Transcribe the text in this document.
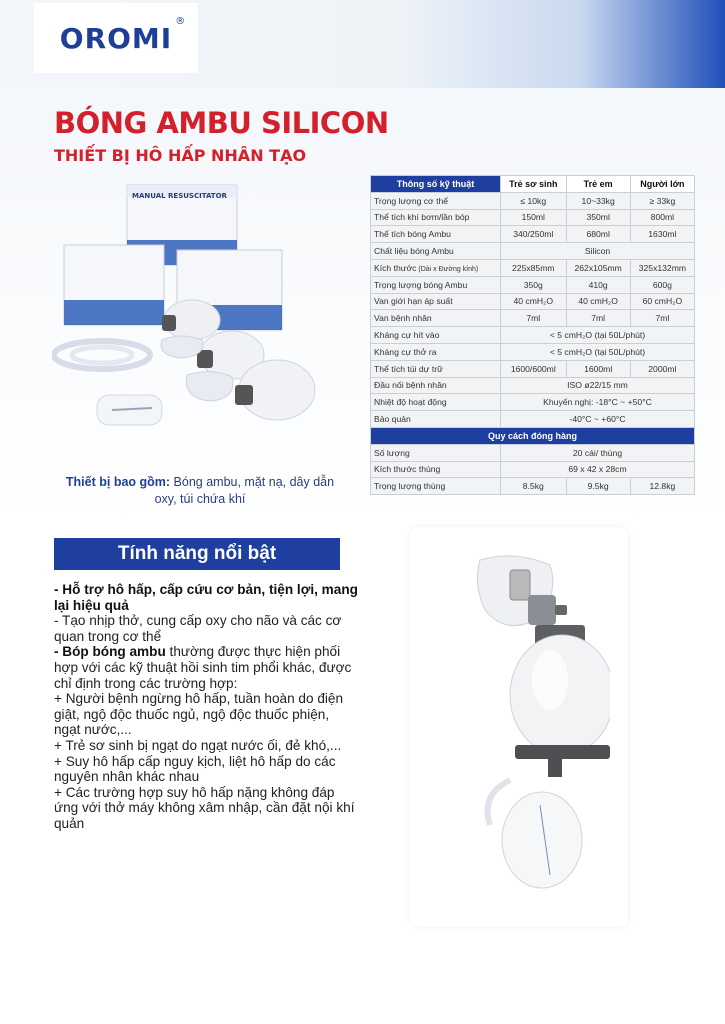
OROMI
®
BÓNG AMBU SILICON
THIẾT BỊ HÔ HẤP NHÂN TẠO
MANUAL RESUSCITATOR
Thiết bị bao gồm: Bóng ambu, mặt nạ, dây dẫn oxy, túi chứa khí
Thông số kỹ thuật	Trẻ sơ sinh	Trẻ em	Người lớn
Trọng lượng cơ thể	≤ 10kg	10~33kg	≥ 33kg
Thể tích khí bơm/lần bóp	150ml	350ml	800ml
Thể tích bóng Ambu	340/250ml	680ml	1630ml
Chất liệu bóng Ambu	Silicon		
Kích thước (Dài x Đường kính)	225x85mm	262x105mm	325x132mm
Trọng lượng bóng Ambu	350g	410g	600g
Van giới hạn áp suất	40 cmH₂O	40 cmH₂O	60 cmH₂O
Van bệnh nhân	7ml	7ml	7ml
Kháng cự hít vào	< 5 cmH₂O (tại 50L/phút)		
Kháng cự thở ra	< 5 cmH₂O (tại 50L/phút)		
Thể tích túi dự trữ	1600/600ml	1600ml	2000ml
Đầu nối bệnh nhân	ISO ø22/15 mm		
Nhiệt độ hoạt động	Khuyến nghị: -18°C ~ +50°C		
Bảo quản	-40°C ~ +60°C		
Quy cách đóng hàng			
Số lượng	20 cái/ thùng		
Kích thước thùng	69 x 42 x 28cm		
Trọng lượng thùng	8.5kg	9.5kg	12.8kg
Tính năng nổi bật

- Hỗ trợ hô hấp, cấp cứu cơ bản, tiện lợi, mang lại hiệu quả

- Tạo nhịp thở, cung cấp oxy cho não và các cơ quan trong cơ thể

- Bóp bóng ambu thường được thực hiện phối hợp với các kỹ thuật hồi sinh tim phổi khác, được chỉ định trong các trường hợp:

+ Người bệnh ngừng hô hấp, tuần hoàn do điện giật, ngộ độc thuốc ngủ, ngộ độc thuốc phiện, ngạt nước,...

+ Trẻ sơ sinh bị ngạt do ngạt nước ối, đẻ khó,...

+ Suy hô hấp cấp nguy kịch, liệt hô hấp do các nguyên nhân khác nhau

+ Các trường hợp suy hô hấp nặng không đáp ứng với thở máy không xâm nhập, cần đặt nội khí quản
